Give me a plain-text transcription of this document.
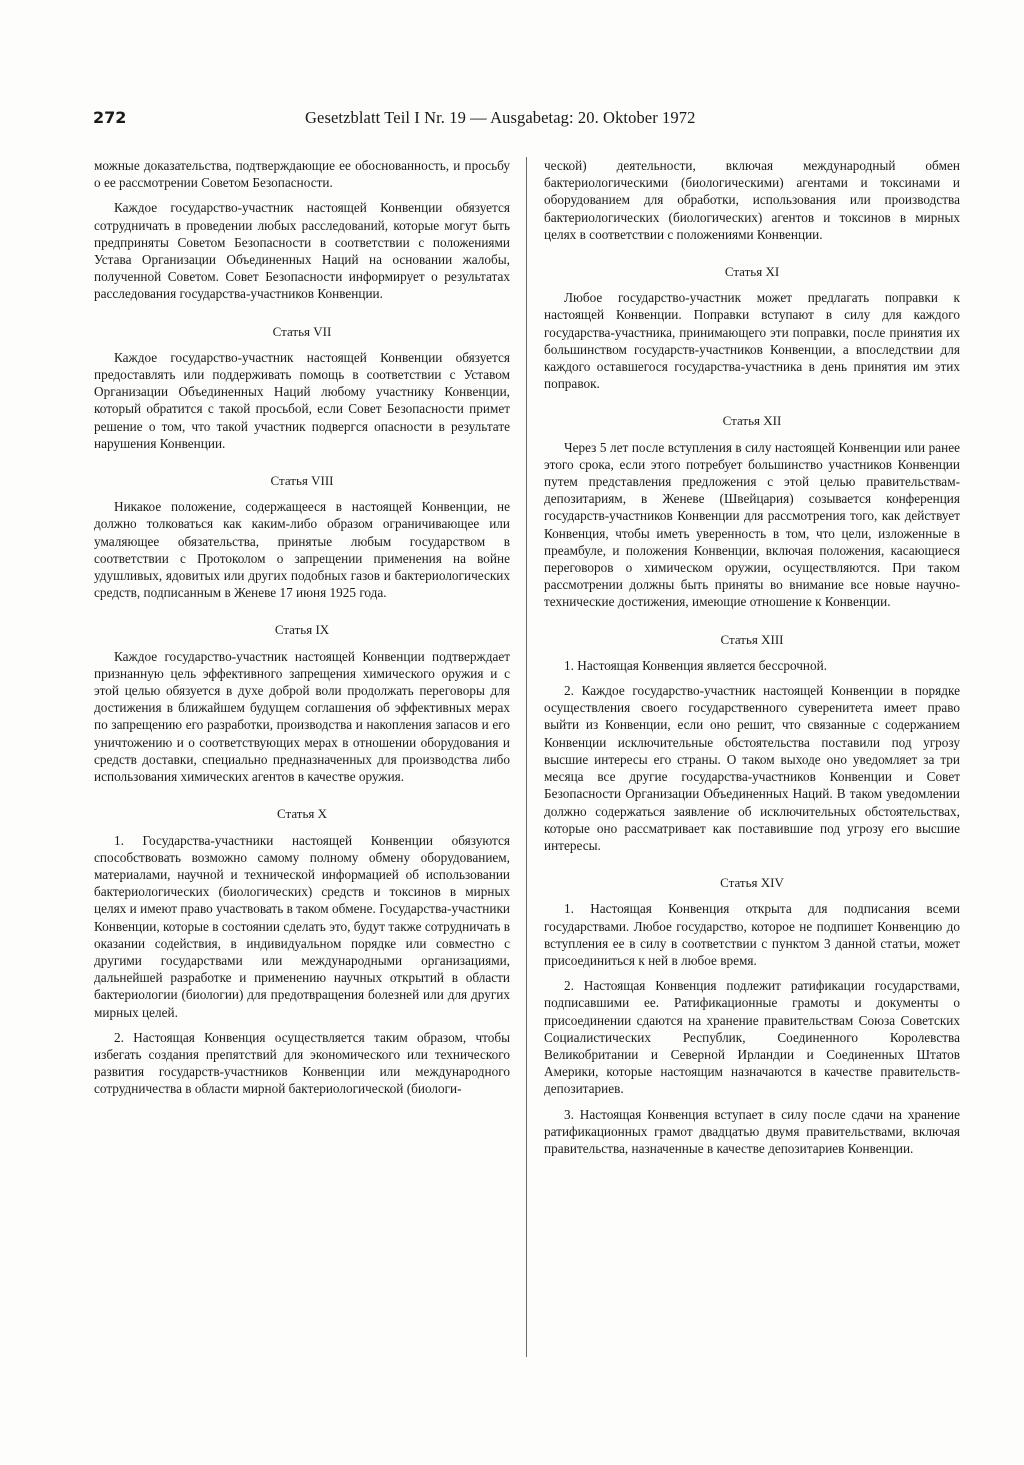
272	Gesetzblatt Teil I Nr. 19 — Ausgabetag: 20. Oktober 1972

можные доказательства, подтверждающие ее обоснованность, и просьбу о ее рассмотрении Советом Безопасности.

Каждое государство-участник настоящей Конвенции обязуется сотрудничать в проведении любых расследований, которые могут быть предприняты Советом Безопасности в соответствии с положениями Устава Организации Объединенных Наций на основании жалобы, полученной Советом. Совет Безопасности информирует о результатах расследования государства-участников Конвенции.

Статья VII

Каждое государство-участник настоящей Конвенции обязуется предоставлять или поддерживать помощь в соответствии с Уставом Организации Объединенных Наций любому участнику Конвенции, который обратится с такой просьбой, если Совет Безопасности примет решение о том, что такой участник подвергся опасности в результате нарушения Конвенции.

Статья VIII

Никакое положение, содержащееся в настоящей Конвенции, не должно толковаться как каким-либо образом ограничивающее или умаляющее обязательства, принятые любым государством в соответствии с Протоколом о запрещении применения на войне удушливых, ядовитых или других подобных газов и бактериологических средств, подписанным в Женеве 17 июня 1925 года.

Статья IX

Каждое государство-участник настоящей Конвенции подтверждает признанную цель эффективного запрещения химического оружия и с этой целью обязуется в духе доброй воли продолжать переговоры для достижения в ближайшем будущем соглашения об эффективных мерах по запрещению его разработки, производства и накопления запасов и его уничтожению и о соответствующих мерах в отношении оборудования и средств доставки, специально предназначенных для производства либо использования химических агентов в качестве оружия.

Статья X

1. Государства-участники настоящей Конвенции обязуются способствовать возможно самому полному обмену оборудованием, материалами, научной и технической информацией об использовании бактериологических (биологических) средств и токсинов в мирных целях и имеют право участвовать в таком обмене. Государства-участники Конвенции, которые в состоянии сделать это, будут также сотрудничать в оказании содействия, в индивидуальном порядке или совместно с другими государствами или международными организациями, дальнейшей разработке и применению научных открытий в области бактериологии (биологии) для предотвращения болезней или для других мирных целей.

2. Настоящая Конвенция осуществляется таким образом, чтобы избегать создания препятствий для экономического или технического развития государств-участников Конвенции или международного сотрудничества в области мирной бактериологической (биологи-

ческой) деятельности, включая международный обмен бактериологическими (биологическими) агентами и токсинами и оборудованием для обработки, использования или производства бактериологических (биологических) агентов и токсинов в мирных целях в соответствии с положениями Конвенции.

Статья XI

Любое государство-участник может предлагать поправки к настоящей Конвенции. Поправки вступают в силу для каждого государства-участника, принимающего эти поправки, после принятия их большинством государств-участников Конвенции, а впоследствии для каждого оставшегося государства-участника в день принятия им этих поправок.

Статья XII

Через 5 лет после вступления в силу настоящей Конвенции или ранее этого срока, если этого потребует большинство участников Конвенции путем представления предложения с этой целью правительствам-депозитариям, в Женеве (Швейцария) созывается конференция государств-участников Конвенции для рассмотрения того, как действует Конвенция, чтобы иметь уверенность в том, что цели, изложенные в преамбуле, и положения Конвенции, включая положения, касающиеся переговоров о химическом оружии, осуществляются. При таком рассмотрении должны быть приняты во внимание все новые научно-технические достижения, имеющие отношение к Конвенции.

Статья XIII

1. Настоящая Конвенция является бессрочной.

2. Каждое государство-участник настоящей Конвенции в порядке осуществления своего государственного суверенитета имеет право выйти из Конвенции, если оно решит, что связанные с содержанием Конвенции исключительные обстоятельства поставили под угрозу высшие интересы его страны. О таком выходе оно уведомляет за три месяца все другие государства-участников Конвенции и Совет Безопасности Организации Объединенных Наций. В таком уведомлении должно содержаться заявление об исключительных обстоятельствах, которые оно рассматривает как поставившие под угрозу его высшие интересы.

Статья XIV

1. Настоящая Конвенция открыта для подписания всеми государствами. Любое государство, которое не подпишет Конвенцию до вступления ее в силу в соответствии с пунктом 3 данной статьи, может присоединиться к ней в любое время.

2. Настоящая Конвенция подлежит ратификации государствами, подписавшими ее. Ратификационные грамоты и документы о присоединении сдаются на хранение правительствам Союза Советских Социалистических Республик, Соединенного Королевства Великобритании и Северной Ирландии и Соединенных Штатов Америки, которые настоящим назначаются в качестве правительств-депозитариев.

3. Настоящая Конвенция вступает в силу после сдачи на хранение ратификационных грамот двадцатью двумя правительствами, включая правительства, назначенные в качестве депозитариев Конвенции.
